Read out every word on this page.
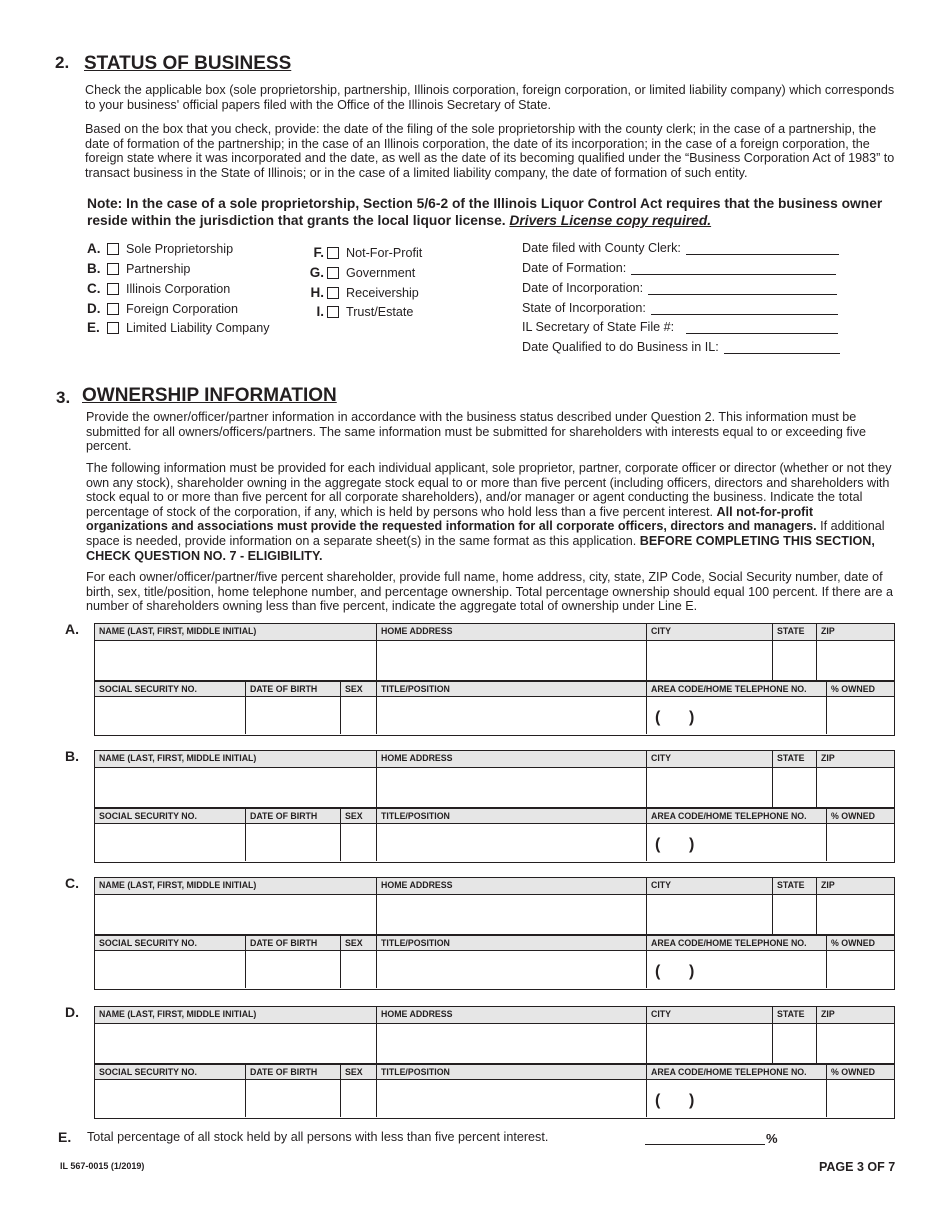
2. STATUS OF BUSINESS

Check the applicable box (sole proprietorship, partnership, Illinois corporation, foreign corporation, or limited liability company) which corresponds to your business' official papers filed with the Office of the Illinois Secretary of State.

Based on the box that you check, provide: the date of the filing of the sole proprietorship with the county clerk; in the case of a partnership, the date of formation of the partnership; in the case of an Illinois corporation, the date of its incorporation; in the case of a foreign corporation, the foreign state where it was incorporated and the date, as well as the date of its becoming qualified under the “Business Corporation Act of 1983” to transact business in the State of Illinois; or in the case of a limited liability company, the date of formation of such entity.

Note: In the case of a sole proprietorship, Section 5/6-2 of the Illinois Liquor Control Act requires that the business owner reside within the jurisdiction that grants the local liquor license. Drivers License copy required.
A.	Sole Proprietorship
B.	Partnership
C.	Illinois Corporation
D.	Foreign Corporation
E.	Limited Liability Company
F. Not-For-Profit
G. Government
H. Receivership
I. Trust/Estate
Date filed with County Clerk:
Date of Formation:
Date of Incorporation:
State of Incorporation:
IL Secretary of State File #:
Date Qualified to do Business in IL:
3. OWNERSHIP INFORMATION

Provide the owner/officer/partner information in accordance with the business status described under Question 2. This information must be submitted for all owners/officers/partners. The same information must be submitted for shareholders with interests equal to or exceeding five percent.

The following information must be provided for each individual applicant, sole proprietor, partner, corporate officer or director (whether or not they own any stock), shareholder owning in the aggregate stock equal to or more than five percent (including officers, directors and shareholders with stock equal to or more than five percent for all corporate shareholders), and/or manager or agent conducting the business. Indicate the total percentage of stock of the corporation, if any, which is held by persons who hold less than a five percent interest. All not-for-profit organizations and associations must provide the requested information for all corporate officers, directors and managers. If additional space is needed, provide information on a separate sheet(s) in the same format as this application. BEFORE COMPLETING THIS SECTION, CHECK QUESTION NO. 7 - ELIGIBILITY.

For each owner/officer/partner/five percent shareholder, provide full name, home address, city, state, ZIP Code, Social Security number, date of birth, sex, title/position, home telephone number, and percentage ownership. Total percentage ownership should equal 100 percent. If there are a number of shareholders owning less than five percent, indicate the aggregate total of ownership under Line E.

A.	NAME (LAST, FIRST, MIDDLE INITIAL)	HOME ADDRESS	CITY	STATE	ZIP
SOCIAL SECURITY NO.	DATE OF BIRTH	SEX	TITLE/POSITION	AREA CODE/HOME TELEPHONE NO.	% OWNED
( )
B.	NAME (LAST, FIRST, MIDDLE INITIAL)	HOME ADDRESS	CITY	STATE	ZIP
SOCIAL SECURITY NO.	DATE OF BIRTH	SEX	TITLE/POSITION	AREA CODE/HOME TELEPHONE NO.	% OWNED
( )
C.	NAME (LAST, FIRST, MIDDLE INITIAL)	HOME ADDRESS	CITY	STATE	ZIP
SOCIAL SECURITY NO.	DATE OF BIRTH	SEX	TITLE/POSITION	AREA CODE/HOME TELEPHONE NO.	% OWNED
( )
D.	NAME (LAST, FIRST, MIDDLE INITIAL)	HOME ADDRESS	CITY	STATE	ZIP
SOCIAL SECURITY NO.	DATE OF BIRTH	SEX	TITLE/POSITION	AREA CODE/HOME TELEPHONE NO.	% OWNED
( )
E. Total percentage of all stock held by all persons with less than five percent interest.	%
IL 567-0015 (1/2019)	PAGE 3 OF 7
